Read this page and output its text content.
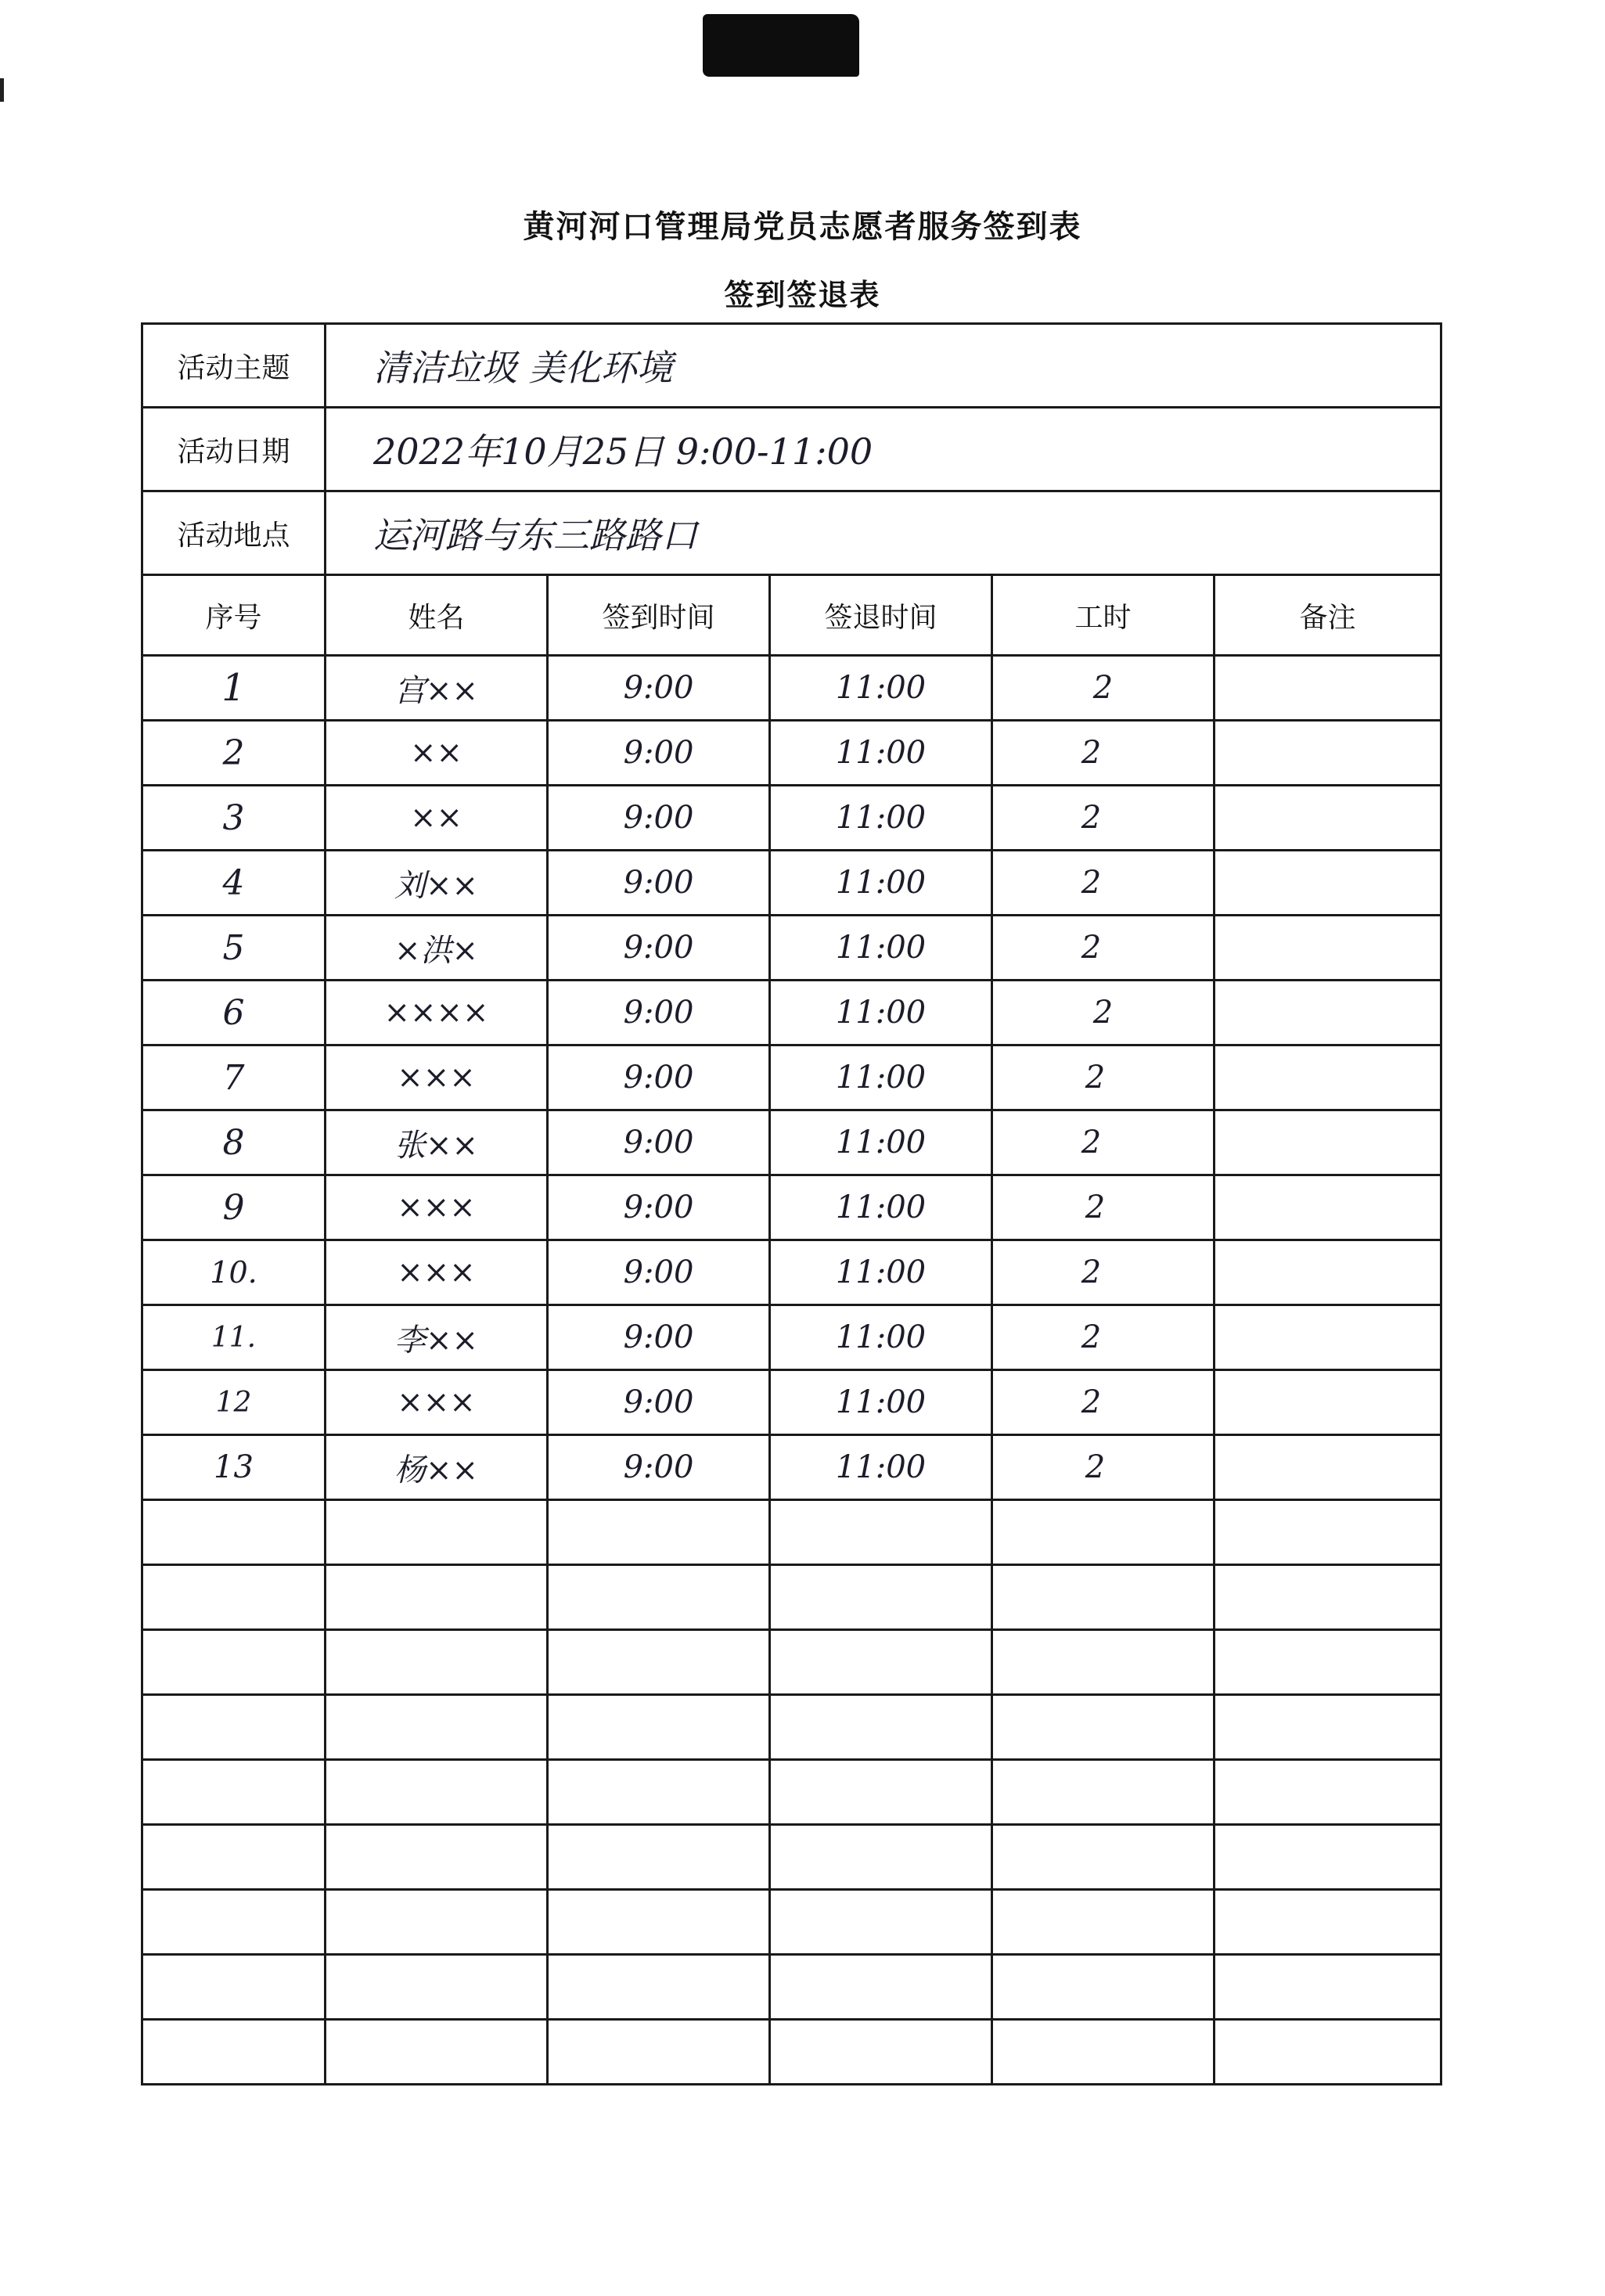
黄河河口管理局党员志愿者服务签到表
签到签退表
活动主题	清洁垃圾 美化环境				
活动日期	2022年10月25日 9:00-11:00				
活动地点	运河路与东三路路口				
序号	姓名	签到时间	签退时间	工时	备注
1	宫××	9:00	11:00	2	
2	××	9:00	11:00	2	
3	××	9:00	11:00	2	
4	刘××	9:00	11:00	2	
5	×洪×	9:00	11:00	2	
6	××××	9:00	11:00	2	
7	×××	9:00	11:00	2	
8	张××	9:00	11:00	2	
9	×××	9:00	11:00	2	
10.	×××	9:00	11:00	2	
11.	李××	9:00	11:00	2	
12	×××	9:00	11:00	2	
13	杨××	9:00	11:00	2	
